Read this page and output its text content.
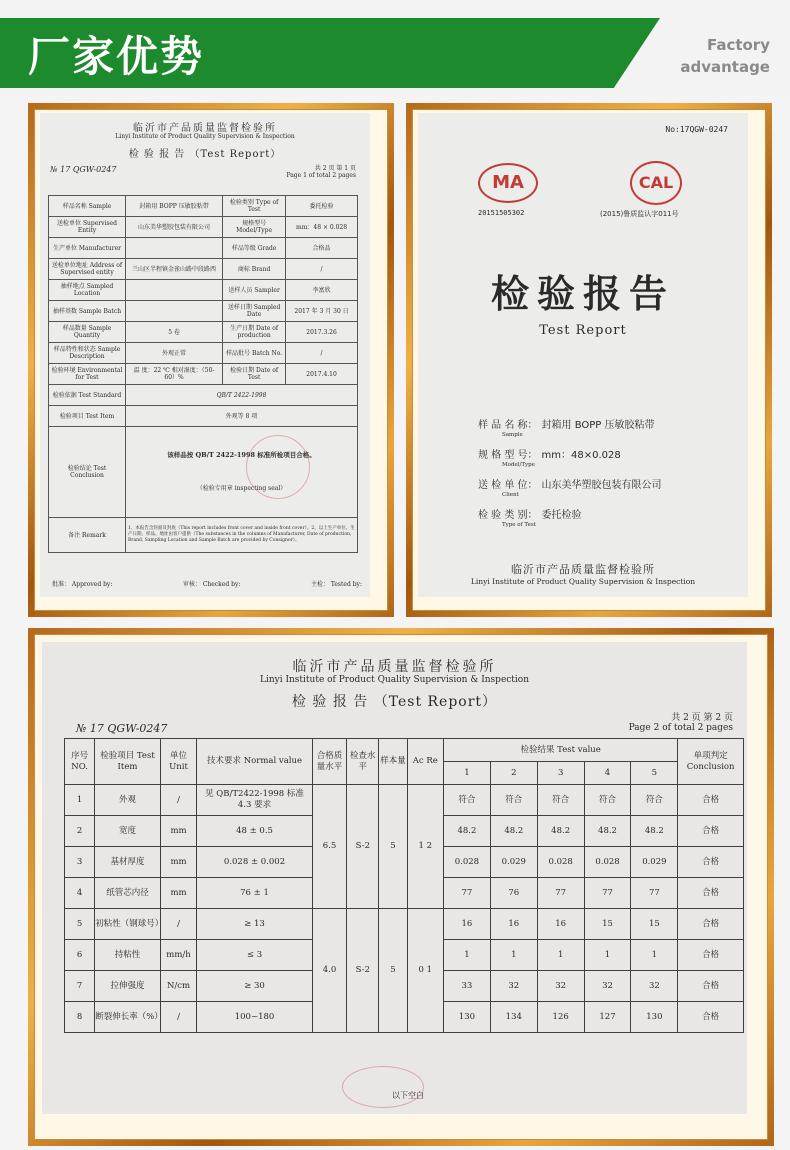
厂家优势	Factory
advantage
临沂市产品质量监督检验所
Linyi Institute of Product Quality Supervision & Inspection
检 验 报 告 （Test Report）
№ 17 QGW-0247	共 2 页 第 1 页
Page 1 of total 2 pages
样品名称 Sample	封箱用 BOPP 压敏胶粘带	检验类别 Type of Test	委托检验
送检单位 Supervised Entity	山东美华塑胶包装有限公司	规格型号 Model/Type	mm：48 × 0.028
生产单位 Manufacturer		样品等级 Grade	合格品
送检单位地址 Address of Supervised entity	兰山区半程镇金雀山路中段路西	商标 Brand	/
抽样地点 Sampled Location		送样人员 Sampler	李富欣
抽样基数 Sample Batch		送样日期 Sampled Date	2017 年 3 月 30 日
样品数量 Sample Quantity	5 卷	生产日期 Date of production	2017.3.26
样品特性和状态 Sample Description	外观正常	样品批号 Batch No.	/
检验环境 Environmental for Test	温 度：22 ℃ 相对湿度：（50-60）%	检验日期 Date of Test	2017.4.10
检验依据 Test Standard	QB/T 2422-1998		
检验项目 Test Item	外观等 8 项		
检验结论 Test Conclusion	该样品按 QB/T 2422-1998 标准所检项目合格。
（检验专用章 inspecting seal）		

备注 Remark	1、本报告含封面及封底（This report includes front cover and inside front cover）。2、以上生产单位、生产日期、样品、地址由客户提供（The substances in the columns of Manufacturer, Date of production, Brand, Sampling Location and Sample Batch are provided by Consignor）。		
批准： Approved by:	审核： Checked by:	主检： Tested by:
No:17QGW-0247
MA
20151505302
CAL
(2015)鲁质监认字011号
检验报告
Test Report
样 品 名 称： 封箱用 BOPP 压敏胶粘带
Sample
规 格 型 号： mm：48×0.028
Model/Type
送 检 单 位： 山东美华塑胶包装有限公司
Client
检 验 类 别： 委托检验
Type of Test
临沂市产品质量监督检验所
Linyi Institute of Product Quality Supervision & Inspection
临沂市产品质量监督检验所
Linyi Institute of Product Quality Supervision & Inspection
检 验 报 告 （Test Report）
№ 17 QGW-0247
共 2 页 第 2 页
Page 2 of total 2 pages
序号 NO.	检验项目 Test Item	单位 Unit	技术要求 Normal value	合格质量水平	检查水平	样本量	Ac Re	检验结果 Test value					单项判定 Conclusion
								1	2	3	4	5	
1	外观	/	见 QB/T2422-1998 标准 4.3 要求	6.5	S-2	5	1 2	符合	符合	符合	符合	符合	合格
2	宽度	mm	48 ± 0.5					48.2	48.2	48.2	48.2	48.2	合格
3	基材厚度	mm	0.028 ± 0.002					0.028	0.029	0.028	0.028	0.029	合格
4	纸管芯内径	mm	76 ± 1					77	76	77	77	77	合格
5	初粘性（钢球号）	/	≥ 13	4.0	S-2	5	0 1	16	16	16	15	15	合格
6	持粘性	mm/h	≤ 3					1	1	1	1	1	合格
7	拉伸强度	N/cm	≥ 30					33	32	32	32	32	合格
8	断裂伸长率（%）	/	100~180					130	134	126	127	130	合格
以下空白
